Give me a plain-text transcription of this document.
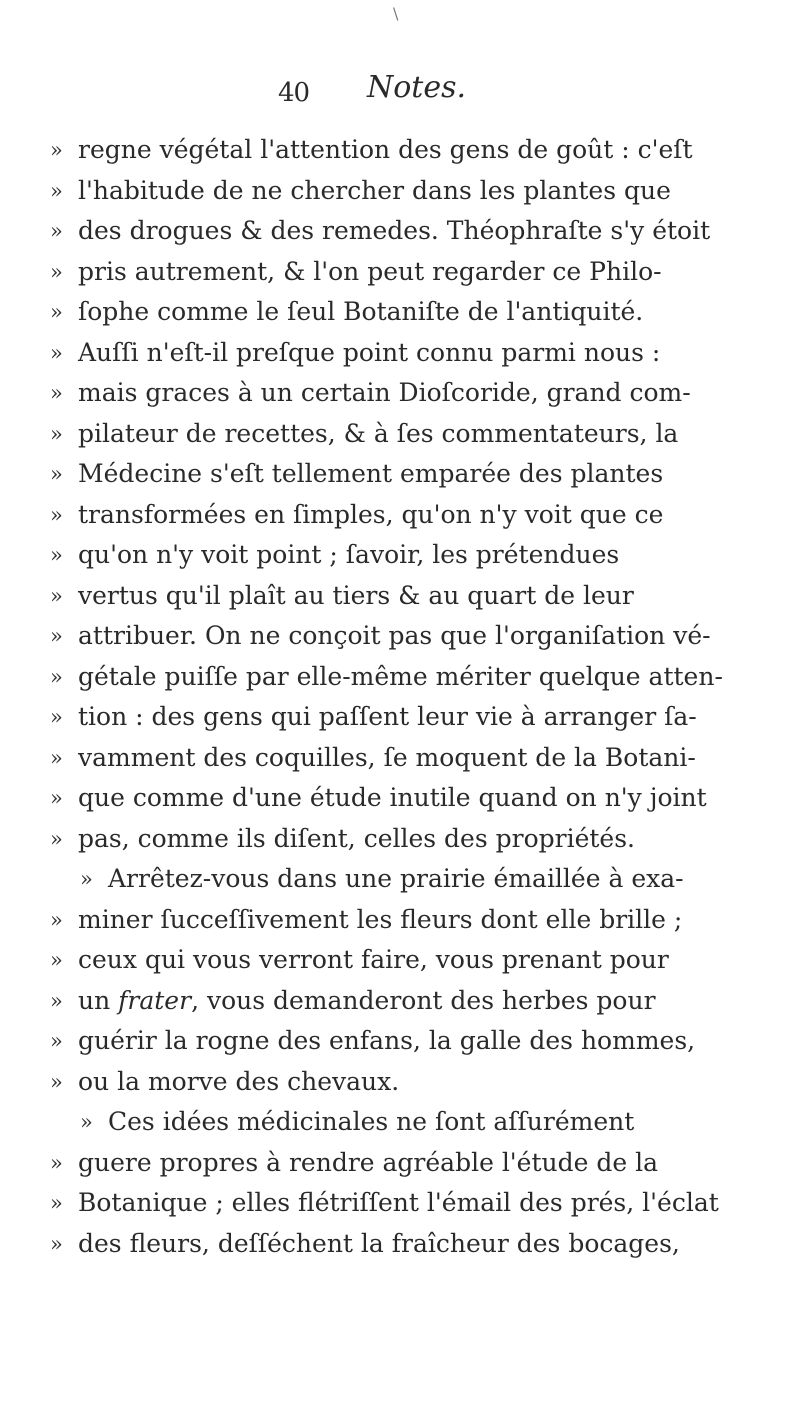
\
40 Notes.
» regne végétal l'attention des gens de goût : c'eſt
» l'habitude de ne chercher dans les plantes que
» des drogues & des remedes. Théophraſte s'y étoit
» pris autrement, & l'on peut regarder ce Philo-
» ſophe comme le ſeul Botaniſte de l'antiquité.
» Auſſi n'eſt-il preſque point connu parmi nous :
» mais graces à un certain Dioſcoride, grand com-
» pilateur de recettes, & à ſes commentateurs, la
» Médecine s'eſt tellement emparée des plantes
» transformées en ſimples, qu'on n'y voit que ce
» qu'on n'y voit point ; ſavoir, les prétendues
» vertus qu'il plaît au tiers & au quart de leur
» attribuer. On ne conçoit pas que l'organiſation vé-
» gétale puiſſe par elle-même mériter quelque atten-
» tion : des gens qui paſſent leur vie à arranger ſa-
» vamment des coquilles, ſe moquent de la Botani-
» que comme d'une étude inutile quand on n'y joint
» pas, comme ils diſent, celles des propriétés.
» Arrêtez-vous dans une prairie émaillée à exa-
» miner ſucceſſivement les fleurs dont elle brille ;
» ceux qui vous verront faire, vous prenant pour
» un frater, vous demanderont des herbes pour
» guérir la rogne des enfans, la galle des hommes,
» ou la morve des chevaux.
» Ces idées médicinales ne ſont aſſurément
» guere propres à rendre agréable l'étude de la
» Botanique ; elles flétriſſent l'émail des prés, l'éclat
» des fleurs, deſſéchent la fraîcheur des bocages,
